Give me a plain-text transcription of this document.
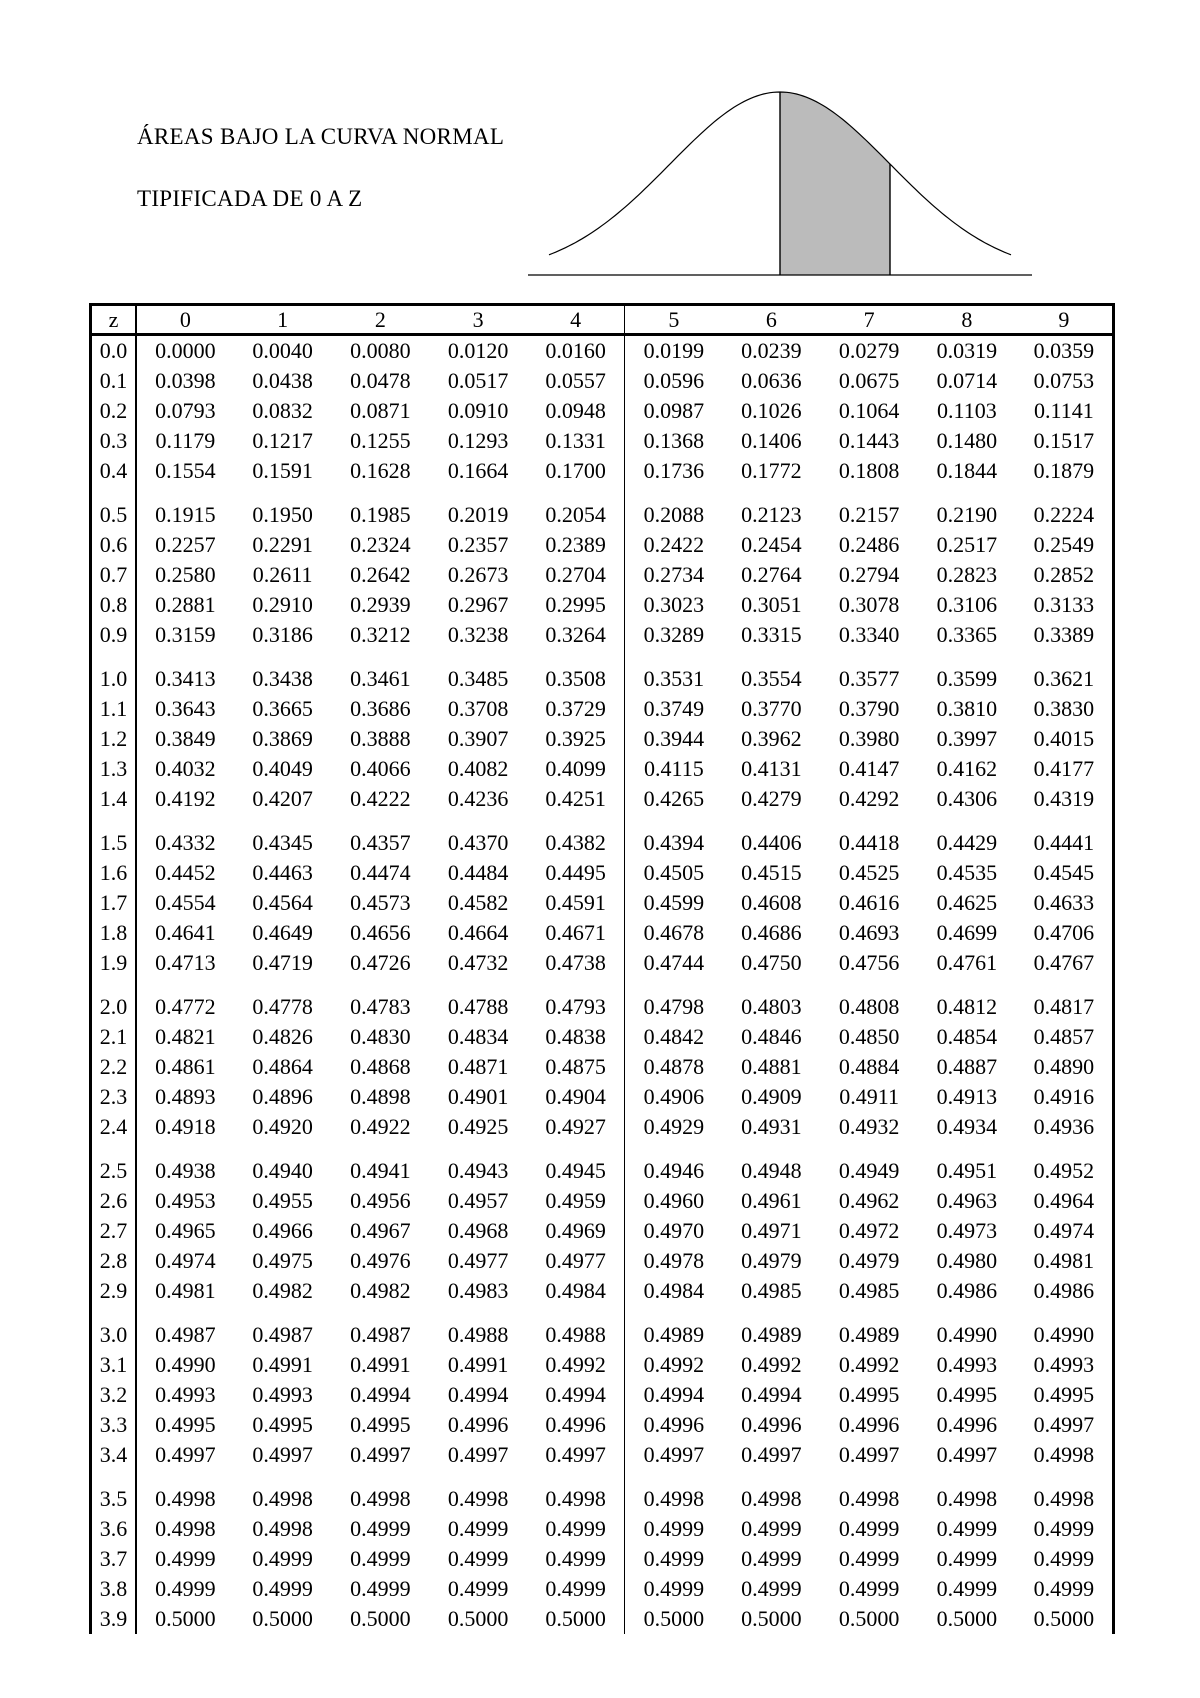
ÁREAS BAJO LA CURVA NORMAL
TIPIFICADA DE 0 A Z
z	0	1	2	3	4	5	6	7	8	9
0.0	0.0000	0.0040	0.0080	0.0120	0.0160	0.0199	0.0239	0.0279	0.0319	0.0359
0.1	0.0398	0.0438	0.0478	0.0517	0.0557	0.0596	0.0636	0.0675	0.0714	0.0753
0.2	0.0793	0.0832	0.0871	0.0910	0.0948	0.0987	0.1026	0.1064	0.1103	0.1141
0.3	0.1179	0.1217	0.1255	0.1293	0.1331	0.1368	0.1406	0.1443	0.1480	0.1517
0.4	0.1554	0.1591	0.1628	0.1664	0.1700	0.1736	0.1772	0.1808	0.1844	0.1879
0.5	0.1915	0.1950	0.1985	0.2019	0.2054	0.2088	0.2123	0.2157	0.2190	0.2224
0.6	0.2257	0.2291	0.2324	0.2357	0.2389	0.2422	0.2454	0.2486	0.2517	0.2549
0.7	0.2580	0.2611	0.2642	0.2673	0.2704	0.2734	0.2764	0.2794	0.2823	0.2852
0.8	0.2881	0.2910	0.2939	0.2967	0.2995	0.3023	0.3051	0.3078	0.3106	0.3133
0.9	0.3159	0.3186	0.3212	0.3238	0.3264	0.3289	0.3315	0.3340	0.3365	0.3389
1.0	0.3413	0.3438	0.3461	0.3485	0.3508	0.3531	0.3554	0.3577	0.3599	0.3621
1.1	0.3643	0.3665	0.3686	0.3708	0.3729	0.3749	0.3770	0.3790	0.3810	0.3830
1.2	0.3849	0.3869	0.3888	0.3907	0.3925	0.3944	0.3962	0.3980	0.3997	0.4015
1.3	0.4032	0.4049	0.4066	0.4082	0.4099	0.4115	0.4131	0.4147	0.4162	0.4177
1.4	0.4192	0.4207	0.4222	0.4236	0.4251	0.4265	0.4279	0.4292	0.4306	0.4319
1.5	0.4332	0.4345	0.4357	0.4370	0.4382	0.4394	0.4406	0.4418	0.4429	0.4441
1.6	0.4452	0.4463	0.4474	0.4484	0.4495	0.4505	0.4515	0.4525	0.4535	0.4545
1.7	0.4554	0.4564	0.4573	0.4582	0.4591	0.4599	0.4608	0.4616	0.4625	0.4633
1.8	0.4641	0.4649	0.4656	0.4664	0.4671	0.4678	0.4686	0.4693	0.4699	0.4706
1.9	0.4713	0.4719	0.4726	0.4732	0.4738	0.4744	0.4750	0.4756	0.4761	0.4767
2.0	0.4772	0.4778	0.4783	0.4788	0.4793	0.4798	0.4803	0.4808	0.4812	0.4817
2.1	0.4821	0.4826	0.4830	0.4834	0.4838	0.4842	0.4846	0.4850	0.4854	0.4857
2.2	0.4861	0.4864	0.4868	0.4871	0.4875	0.4878	0.4881	0.4884	0.4887	0.4890
2.3	0.4893	0.4896	0.4898	0.4901	0.4904	0.4906	0.4909	0.4911	0.4913	0.4916
2.4	0.4918	0.4920	0.4922	0.4925	0.4927	0.4929	0.4931	0.4932	0.4934	0.4936
2.5	0.4938	0.4940	0.4941	0.4943	0.4945	0.4946	0.4948	0.4949	0.4951	0.4952
2.6	0.4953	0.4955	0.4956	0.4957	0.4959	0.4960	0.4961	0.4962	0.4963	0.4964
2.7	0.4965	0.4966	0.4967	0.4968	0.4969	0.4970	0.4971	0.4972	0.4973	0.4974
2.8	0.4974	0.4975	0.4976	0.4977	0.4977	0.4978	0.4979	0.4979	0.4980	0.4981
2.9	0.4981	0.4982	0.4982	0.4983	0.4984	0.4984	0.4985	0.4985	0.4986	0.4986
3.0	0.4987	0.4987	0.4987	0.4988	0.4988	0.4989	0.4989	0.4989	0.4990	0.4990
3.1	0.4990	0.4991	0.4991	0.4991	0.4992	0.4992	0.4992	0.4992	0.4993	0.4993
3.2	0.4993	0.4993	0.4994	0.4994	0.4994	0.4994	0.4994	0.4995	0.4995	0.4995
3.3	0.4995	0.4995	0.4995	0.4996	0.4996	0.4996	0.4996	0.4996	0.4996	0.4997
3.4	0.4997	0.4997	0.4997	0.4997	0.4997	0.4997	0.4997	0.4997	0.4997	0.4998
3.5	0.4998	0.4998	0.4998	0.4998	0.4998	0.4998	0.4998	0.4998	0.4998	0.4998
3.6	0.4998	0.4998	0.4999	0.4999	0.4999	0.4999	0.4999	0.4999	0.4999	0.4999
3.7	0.4999	0.4999	0.4999	0.4999	0.4999	0.4999	0.4999	0.4999	0.4999	0.4999
3.8	0.4999	0.4999	0.4999	0.4999	0.4999	0.4999	0.4999	0.4999	0.4999	0.4999
3.9	0.5000	0.5000	0.5000	0.5000	0.5000	0.5000	0.5000	0.5000	0.5000	0.5000
